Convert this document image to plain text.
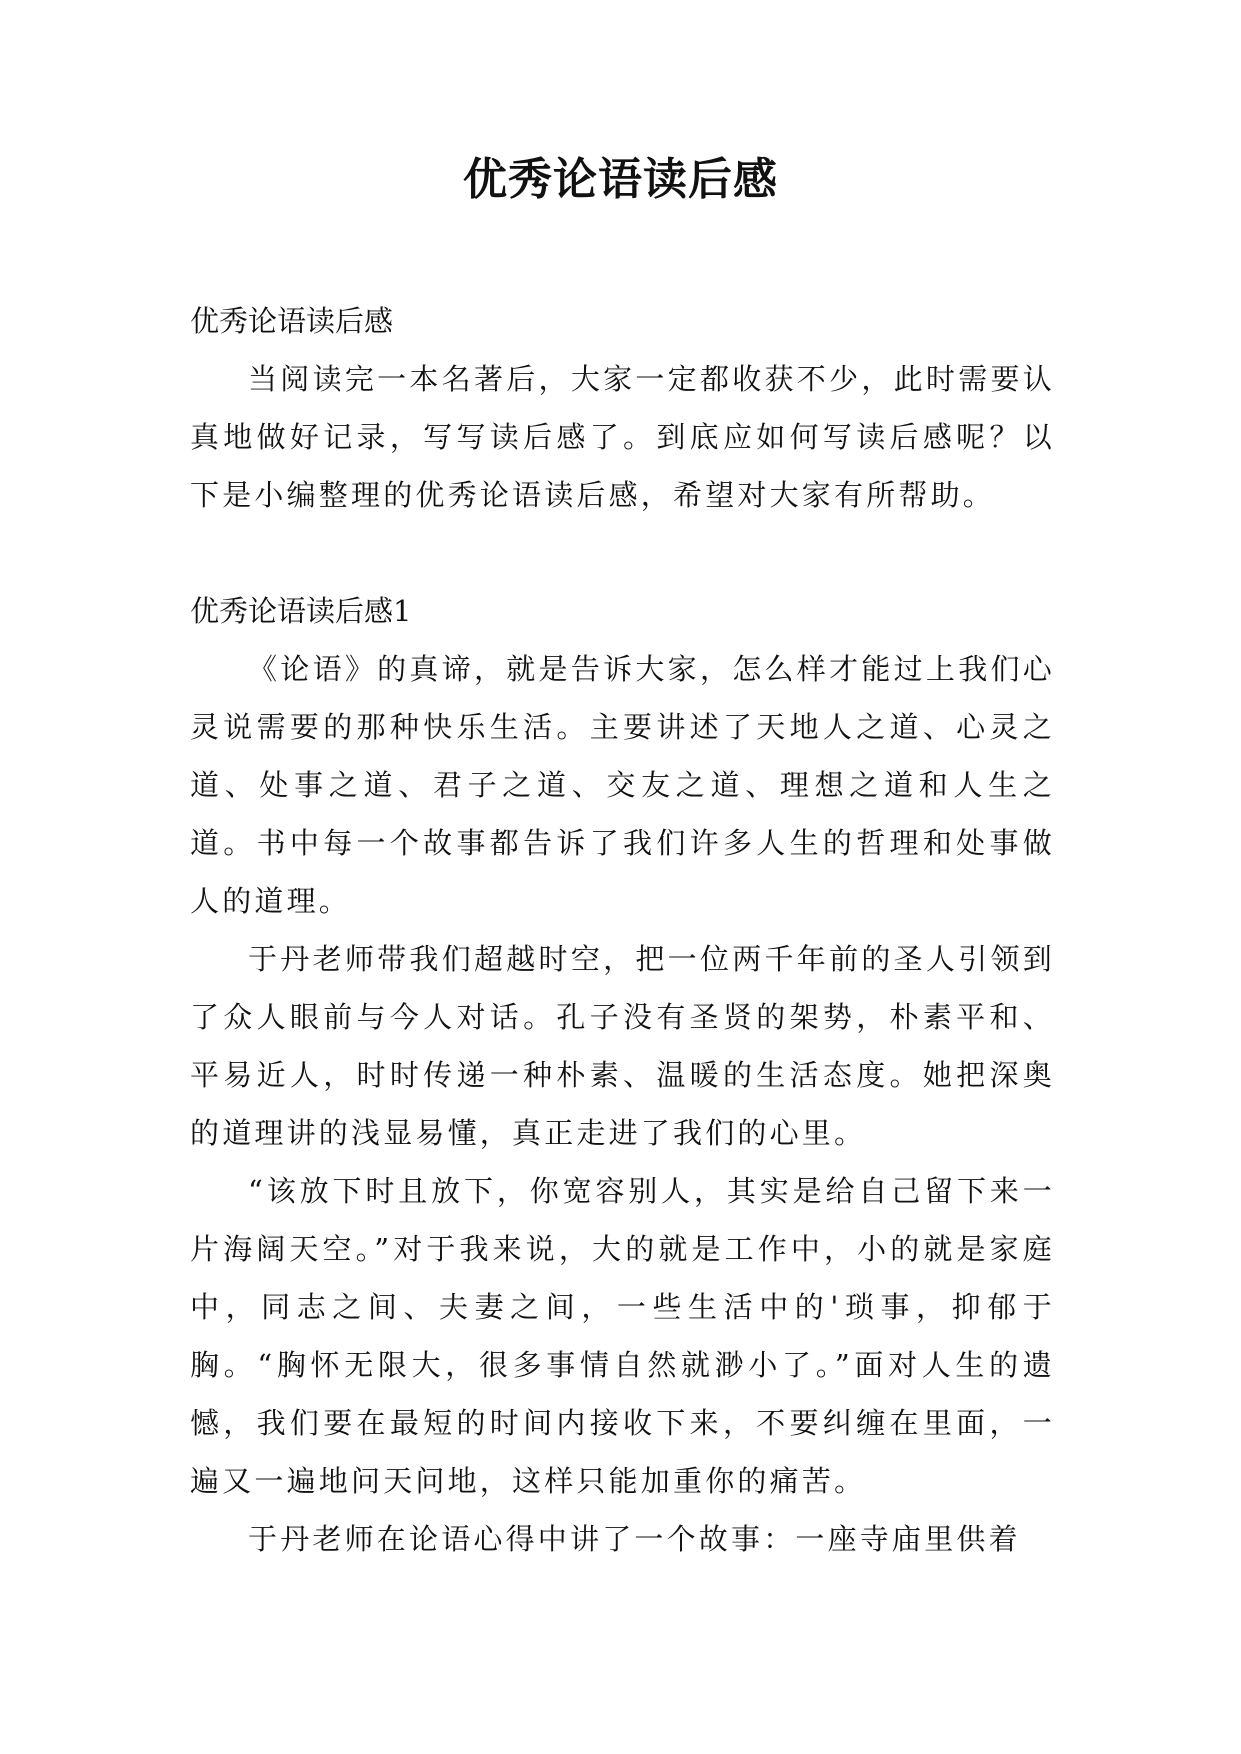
优秀论语读后感

优秀论语读后感

当阅读完一本名著后，大家一定都收获不少，此时需要认真地做好记录，写写读后感了。到底应如何写读后感呢？以下是小编整理的优秀论语读后感，希望对大家有所帮助。

优秀论语读后感1

《论语》的真谛，就是告诉大家，怎么样才能过上我们心灵说需要的那种快乐生活。主要讲述了天地人之道、心灵之道、处事之道、君子之道、交友之道、理想之道和人生之道。书中每一个故事都告诉了我们许多人生的哲理和处事做人的道理。

于丹老师带我们超越时空，把一位两千年前的圣人引领到了众人眼前与今人对话。孔子没有圣贤的架势，朴素平和、平易近人，时时传递一种朴素、温暖的生活态度。她把深奥的道理讲的浅显易懂，真正走进了我们的心里。

“该放下时且放下，你宽容别人，其实是给自己留下来一片海阔天空。”对于我来说，大的就是工作中，小的就是家庭中，同志之间、夫妻之间，一些生活中的'琐事，抑郁于胸。“胸怀无限大，很多事情自然就渺小了。”面对人生的遗憾，我们要在最短的时间内接收下来，不要纠缠在里面，一遍又一遍地问天问地，这样只能加重你的痛苦。

于丹老师在论语心得中讲了一个故事：一座寺庙里供着
